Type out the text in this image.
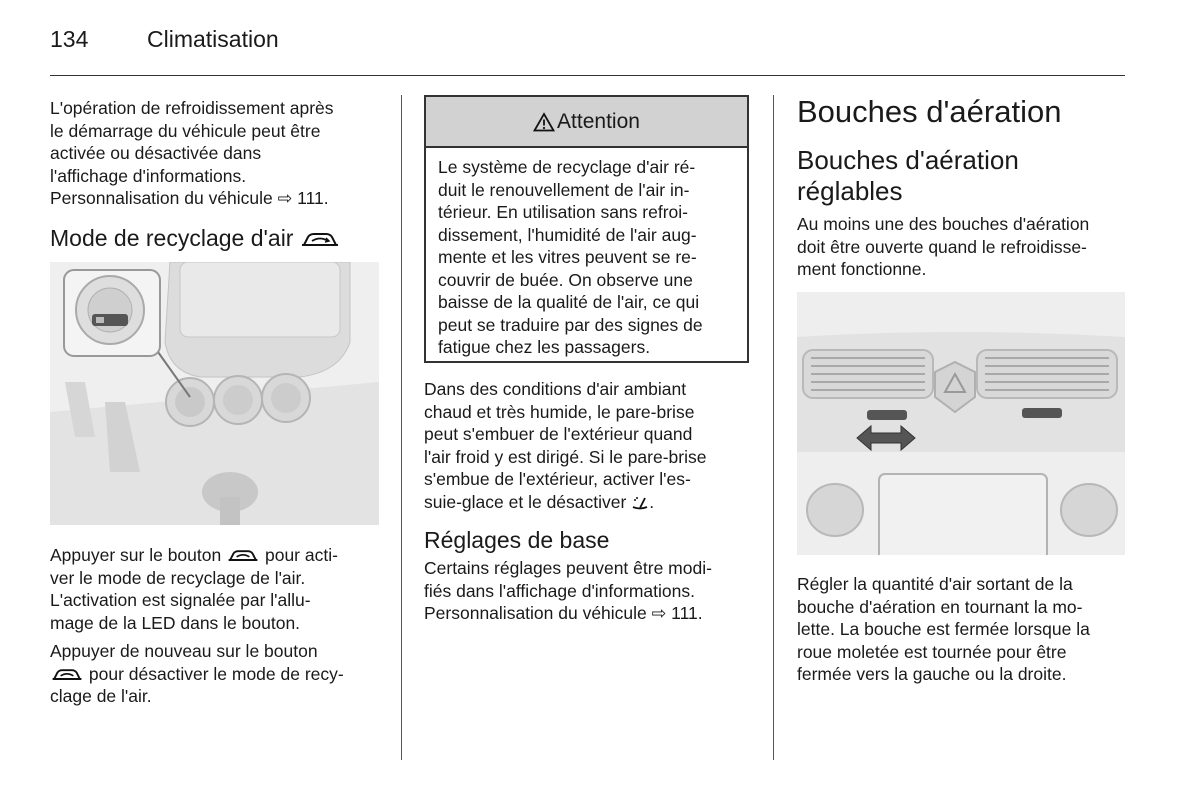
134	Climatisation

L'opération de refroidissement après

le démarrage du véhicule peut être

activée ou désactivée dans

l'affichage d'informations.

Personnalisation du véhicule ⇨ 111.

Mode de recyclage d'air

Appuyer sur le bouton	pour acti-

ver le mode de recyclage de l'air.

L'activation est signalée par l'allu-

mage de la LED dans le bouton.

Appuyer de nouveau sur le bouton

pour désactiver le mode de recy-

clage de l'air.

Attention

Le système de recyclage d'air ré-

duit le renouvellement de l'air in-

térieur. En utilisation sans refroi-

dissement, l'humidité de l'air aug-

mente et les vitres peuvent se re-

couvrir de buée. On observe une

baisse de la qualité de l'air, ce qui

peut se traduire par des signes de

fatigue chez les passagers.

Dans des conditions d'air ambiant

chaud et très humide, le pare-brise

peut s'embuer de l'extérieur quand

l'air froid y est dirigé. Si le pare-brise

s'embue de l'extérieur, activer l'es-

suie-glace et le désactiver .

Réglages de base

Certains réglages peuvent être modi-

fiés dans l'affichage d'informations.

Personnalisation du véhicule ⇨ 111.

Bouches d'aération

Bouches d'aération

réglables

Au moins une des bouches d'aération

doit être ouverte quand le refroidisse-

ment fonctionne.

Régler la quantité d'air sortant de la

bouche d'aération en tournant la mo-

lette. La bouche est fermée lorsque la

roue moletée est tournée pour être

fermée vers la gauche ou la droite.
